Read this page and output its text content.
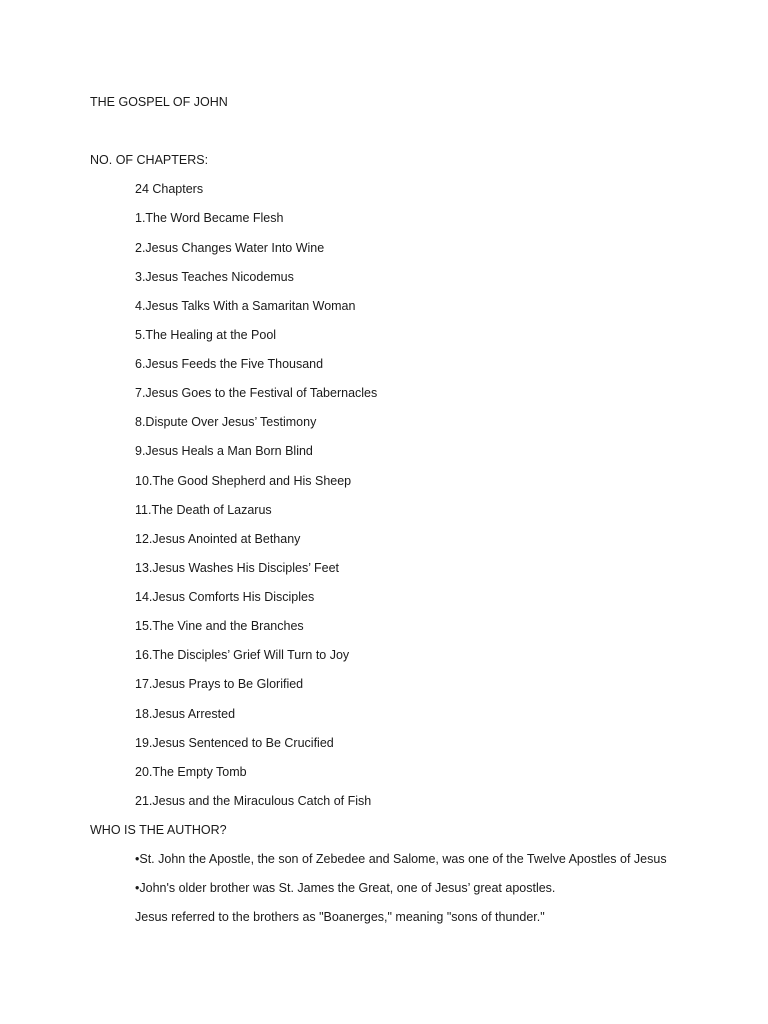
THE GOSPEL OF JOHN
NO. OF CHAPTERS:
24 Chapters
1.The Word Became Flesh
2.Jesus Changes Water Into Wine
3.Jesus Teaches Nicodemus
4.Jesus Talks With a Samaritan Woman
5.The Healing at the Pool
6.Jesus Feeds the Five Thousand
7.Jesus Goes to the Festival of Tabernacles
8.Dispute Over Jesus’ Testimony
9.Jesus Heals a Man Born Blind
10.The Good Shepherd and His Sheep
11.The Death of Lazarus
12.Jesus Anointed at Bethany
13.Jesus Washes His Disciples’ Feet
14.Jesus Comforts His Disciples
15.The Vine and the Branches
16.The Disciples’ Grief Will Turn to Joy
17.Jesus Prays to Be Glorified
18.Jesus Arrested
19.Jesus Sentenced to Be Crucified
20.The Empty Tomb
21.Jesus and the Miraculous Catch of Fish
WHO IS THE AUTHOR?
•St. John the Apostle, the son of Zebedee and Salome, was one of the Twelve Apostles of Jesus
•John's older brother was St. James the Great, one of Jesus’ great apostles.
Jesus referred to the brothers as "Boanerges," meaning "sons of thunder."
